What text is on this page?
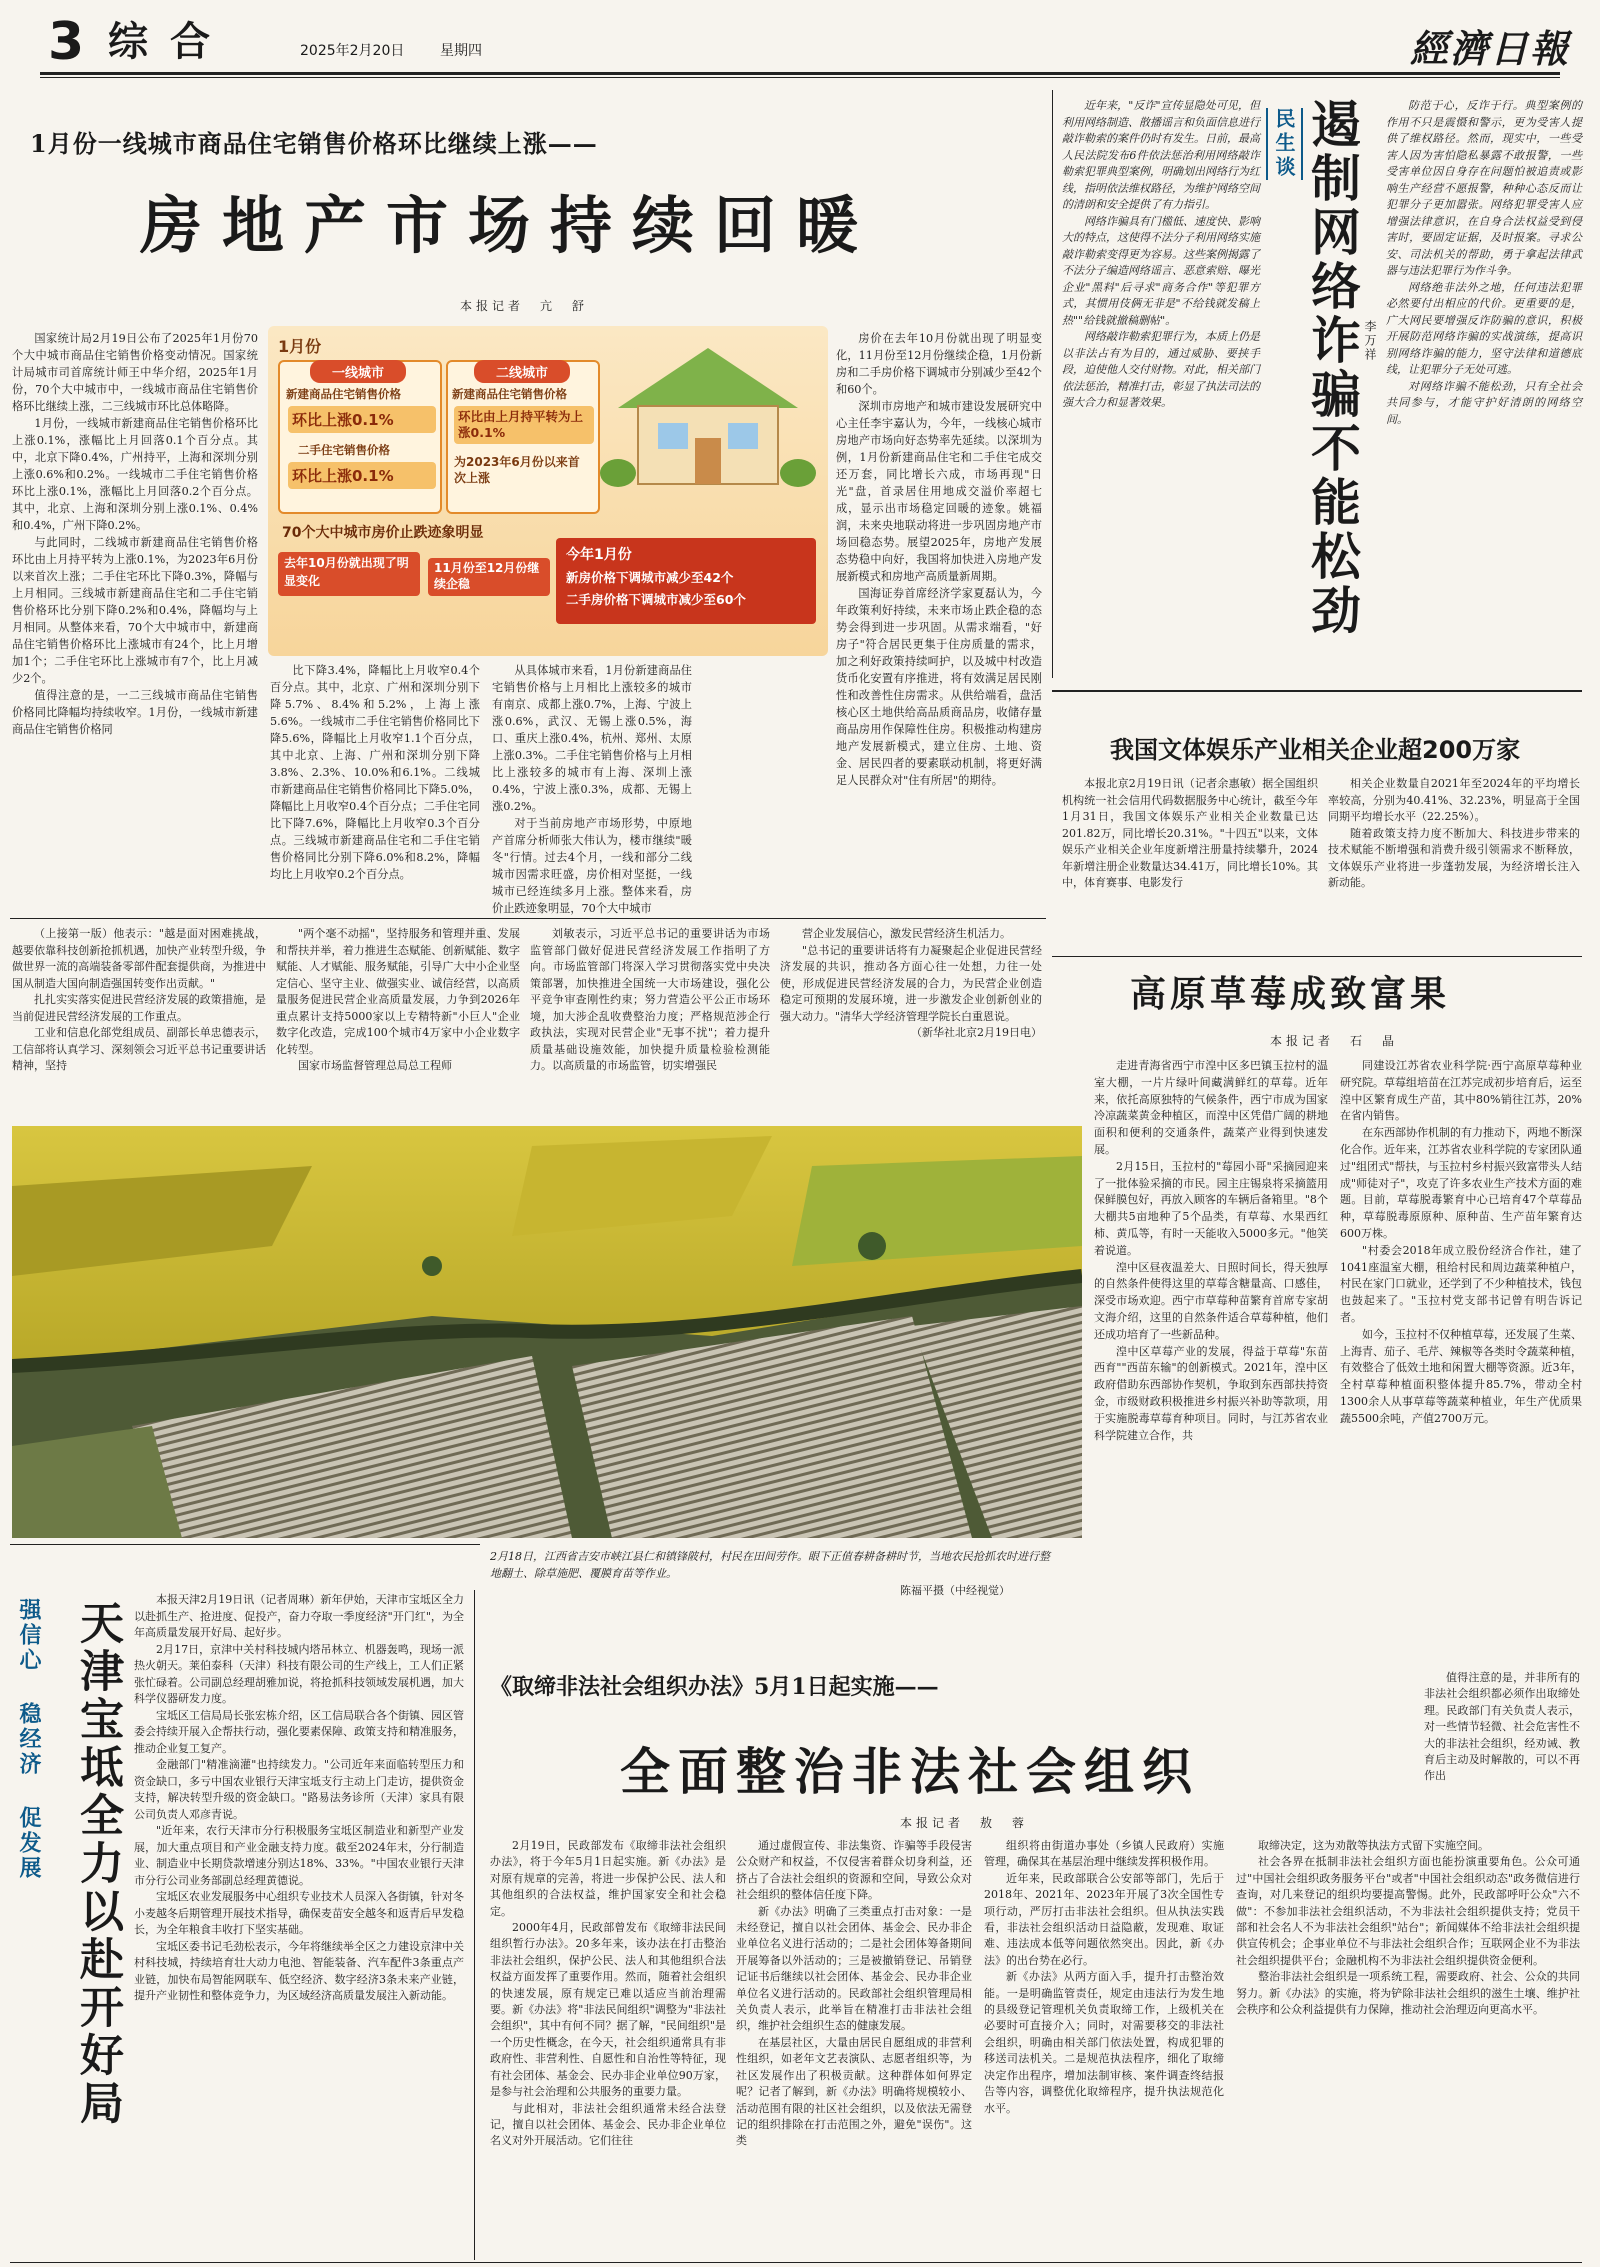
3 综合	2025年2月20日	星期四	經濟日報
1月份一线城市商品住宅销售价格环比继续上涨——
房地产市场持续回暖
本报记者　亢　舒

国家统计局2月19日公布了2025年1月份70个大中城市商品住宅销售价格变动情况。国家统计局城市司首席统计师王中华介绍，2025年1月份，70个大中城市中，一线城市商品住宅销售价格环比继续上涨，二三线城市环比总体略降。

1月份，一线城市新建商品住宅销售价格环比上涨0.1%，涨幅比上月回落0.1个百分点。其中，北京下降0.4%，广州持平，上海和深圳分别上涨0.6%和0.2%。一线城市二手住宅销售价格环比上涨0.1%，涨幅比上月回落0.2个百分点。其中，北京、上海和深圳分别上涨0.1%、0.4%和0.4%，广州下降0.2%。

与此同时，二线城市新建商品住宅销售价格环比由上月持平转为上涨0.1%，为2023年6月份以来首次上涨；二手住宅环比下降0.3%，降幅与上月相同。三线城市新建商品住宅和二手住宅销售价格环比分别下降0.2%和0.4%，降幅均与上月相同。从整体来看，70个大中城市中，新建商品住宅销售价格环比上涨城市有24个，比上月增加1个；二手住宅环比上涨城市有7个，比上月减少2个。

值得注意的是，一二三线城市商品住宅销售价格同比降幅均持续收窄。1月份，一线城市新建商品住宅销售价格同

1月份
一线城市
新建商品住宅销售价格
环比上涨0.1%
二手住宅销售价格
环比上涨0.1%
二线城市
新建商品住宅销售价格
环比由上月持平转为上涨0.1%
为2023年6月份以来首次上涨
70个大中城市房价止跌迹象明显
去年10月份就出现了明显变化
11月份至12月份继续企稳
今年1月份
新房价格下调城市减少至42个
二手房价格下调城市减少至60个

比下降3.4%，降幅比上月收窄0.4个百分点。其中，北京、广州和深圳分别下降5.7%、8.4%和5.2%，上海上涨5.6%。一线城市二手住宅销售价格同比下降5.6%，降幅比上月收窄1.1个百分点，其中北京、上海、广州和深圳分别下降3.8%、2.3%、10.0%和6.1%。二线城市新建商品住宅销售价格同比下降5.0%，降幅比上月收窄0.4个百分点；二手住宅同比下降7.6%，降幅比上月收窄0.3个百分点。三线城市新建商品住宅和二手住宅销售价格同比分别下降6.0%和8.2%，降幅均比上月收窄0.2个百分点。

从具体城市来看，1月份新建商品住宅销售价格与上月相比上涨较多的城市有南京、成都上涨0.7%，上海、宁波上涨0.6%，武汉、无锡上涨0.5%，海口、重庆上涨0.4%，杭州、郑州、太原上涨0.3%。二手住宅销售价格与上月相比上涨较多的城市有上海、深圳上涨0.4%，宁波上涨0.3%，成都、无锡上涨0.2%。

对于当前房地产市场形势，中原地产首席分析师张大伟认为，楼市继续"暖冬"行情。过去4个月，一线和部分二线城市因需求旺盛，房价相对坚挺，一线城市已经连续多月上涨。整体来看，房价止跌迹象明显，70个大中城市

房价在去年10月份就出现了明显变化，11月份至12月份继续企稳，1月份新房和二手房价格下调城市分别减少至42个和60个。

深圳市房地产和城市建设发展研究中心主任李宇嘉认为，今年，一线核心城市房地产市场向好态势率先延续。以深圳为例，1月份新建商品住宅和二手住宅成交还万套，同比增长六成，市场再现"日光"盘，首录居住用地成交溢价率超七成，显示出市场稳定回暖的迹象。姚福润，未来央地联动将进一步巩固房地产市场回稳态势。展望2025年，房地产发展态势稳中向好，我国将加快进入房地产发展新模式和房地产高质量新周期。

国海证券首席经济学家夏磊认为，今年政策利好持续，未来市场止跌企稳的态势会得到进一步巩固。从需求端看，"好房子"符合居民更集于住房质量的需求，加之利好政策持续呵护，以及城中村改造货币化安置有序推进，将有效满足居民刚性和改善性住房需求。从供给端看，盘活核心区土地供给高品质商品房，收储存量商品房用作保障性住房。积极推动构建房地产发展新模式，建立住房、土地、资金、居民四者的要素联动机制，将更好满足人民群众对"住有所居"的期待。

（上接第一版）他表示："越是面对困难挑战，越要依靠科技创新抢抓机遇，加快产业转型升级，争做世界一流的高端装备零部件配套提供商，为推进中国从制造大国向制造强国转变作出贡献。"

扎扎实实落实促进民营经济发展的政策措施，是当前促进民营经济发展的工作重点。

工业和信息化部党组成员、副部长单忠德表示，工信部将认真学习、深刻领会习近平总书记重要讲话精神，坚持

"两个毫不动摇"，坚持服务和管理并重、发展和帮扶并举，着力推进生态赋能、创新赋能、数字赋能、人才赋能、服务赋能，引导广大中小企业坚定信心、坚守主业、做强实业、诚信经营，以高质量服务促进民营企业高质量发展，力争到2026年重点累计支持5000家以上专精特新"小巨人"企业数字化改造，完成100个城市4万家中小企业数字化转型。

国家市场监督管理总局总工程师

刘敏表示，习近平总书记的重要讲话为市场监管部门做好促进民营经济发展工作指明了方向。市场监管部门将深入学习贯彻落实党中央决策部署，加快推进全国统一大市场建设，强化公平竞争审查刚性约束；努力营造公平公正市场环境，加大涉企乱收费整治力度；严格规范涉企行政执法，实现对民营企业"无事不扰"；着力提升质量基础设施效能，加快提升质量检验检测能力。以高质量的市场监管，切实增强民

营企业发展信心，激发民营经济生机活力。

"总书记的重要讲话将有力凝聚起企业促进民营经济发展的共识，推动各方面心往一处想，力往一处使，形成促进民营经济发展的合力，为民营企业创造稳定可预期的发展环境，进一步激发企业创新创业的强大动力。"清华大学经济管理学院长白重恩说。

（新华社北京2月19日电）

近年来，"反诈"宣传显隐处可见，但利用网络制造、散播谣言和负面信息进行敲诈勒索的案件仍时有发生。日前，最高人民法院发布6件依法惩治利用网络敲诈勒索犯罪典型案例，明确划出网络行为红线，指明依法维权路径，为维护网络空间的清朗和安全提供了有力指引。

网络诈骗具有门槛低、速度快、影响大的特点，这使得不法分子利用网络实施敲诈勒索变得更为容易。这些案例揭露了不法分子编造网络谣言、恶意索赔、曝光企业"黑料"后寻求"商务合作"等犯罪方式，其惯用伎俩无非是"不给钱就发稿上热""给钱就撤稿删帖"。

网络敲诈勒索犯罪行为，本质上仍是以非法占有为目的，通过威胁、要挟手段，迫使他人交付财物。对此，相关部门依法惩治，精准打击，彰显了执法司法的强大合力和显著效果。

民生谈 遏制网络诈骗不能松劲 李万祥

防范于心，反诈于行。典型案例的作用不只是震慑和警示，更为受害人提供了维权路径。然而，现实中，一些受害人因为害怕隐私暴露不敢报警，一些受害单位因自身存在问题怕被追责或影响生产经营不愿报警，种种心态反而让犯罪分子更加嚣张。网络犯罪受害人应增强法律意识，在自身合法权益受到侵害时，要固定证据，及时报案。寻求公安、司法机关的帮助，勇于拿起法律武器与违法犯罪行为作斗争。

网络绝非法外之地，任何违法犯罪必然要付出相应的代价。更重要的是，广大网民要增强反诈防骗的意识，积极开展防范网络诈骗的实战演练，提高识别网络诈骗的能力，坚守法律和道德底线，让犯罪分子无处可逃。

对网络诈骗不能松劲，只有全社会共同参与，才能守护好清朗的网络空间。

我国文体娱乐产业相关企业超200万家

本报北京2月19日讯（记者余惠敏）据全国组织机构统一社会信用代码数据服务中心统计，截至今年1月31日，我国文体娱乐产业相关企业数量已达201.82万，同比增长20.31%。"十四五"以来，文体娱乐产业相关企业年度新增注册量持续攀升，2024年新增注册企业数量达34.41万，同比增长10%。其中，体育赛事、电影发行

相关企业数量自2021年至2024年的平均增长率较高，分别为40.41%、32.23%，明显高于全国同期平均增长水平（22.25%）。

随着政策支持力度不断加大、科技进步带来的技术赋能不断增强和消费升级引领需求不断释放，文体娱乐产业将进一步蓬勃发展，为经济增长注入新动能。

高原草莓成致富果
本报记者　石　晶

走进青海省西宁市湟中区多巴镇玉拉村的温室大棚，一片片绿叶间藏满鲜红的草莓。近年来，依托高原独特的气候条件，西宁市成为国家冷凉蔬菜黄金种植区，而湟中区凭借广阔的耕地面积和便利的交通条件，蔬菜产业得到快速发展。

2月15日，玉拉村的"莓园小哥"采摘园迎来了一批体验采摘的市民。园主庄锡泉将采摘篮用保鲜膜包好，再放入顾客的车辆后备箱里。"8个大棚共5亩地种了5个品类，有草莓、水果西红柿、黄瓜等，有时一天能收入5000多元。"他笑着说道。

湟中区昼夜温差大、日照时间长，得天独厚的自然条件使得这里的草莓含糖量高、口感佳，深受市场欢迎。西宁市草莓种苗繁育首席专家胡文海介绍，这里的自然条件适合草莓种植，他们还成功培育了一些新品种。

湟中区草莓产业的发展，得益于草莓"东苗西育""西苗东输"的创新模式。2021年，湟中区政府借助东西部协作契机，争取到东西部扶持资金，市级财政积极推进乡村振兴补助等款项，用于实施脱毒草莓育种项目。同时，与江苏省农业科学院建立合作，共

同建设江苏省农业科学院·西宁高原草莓种业研究院。草莓组培苗在江苏完成初步培育后，运至湟中区繁育成生产苗，其中80%销往江苏，20%在省内销售。

在东西部协作机制的有力推动下，两地不断深化合作。近年来，江苏省农业科学院的专家团队通过"组团式"帮扶，与玉拉村乡村振兴致富带头人结成"师徒对子"，攻克了许多农业生产技术方面的难题。目前，草莓脱毒繁育中心已培育47个草莓品种，草莓脱毒原原种、原种苗、生产苗年繁育达600万株。

"村委会2018年成立股份经济合作社，建了1041座温室大棚，租给村民和周边蔬菜种植户，村民在家门口就业，还学到了不少种植技术，钱包也鼓起来了。"玉拉村党支部书记曾有明告诉记者。

如今，玉拉村不仅种植草莓，还发展了生菜、上海青、茄子、毛芹、辣椒等各类时令蔬菜种植，有效整合了低效土地和闲置大棚等资源。近3年，全村草莓种植面积整体提升85.7%，带动全村1300余人从事草莓等蔬菜种植业，年生产优质果蔬5500余吨，产值2700万元。

2月18日，江西省吉安市峡江县仁和镇锋陂村，村民在田间劳作。眼下正值春耕备耕时节，当地农民抢抓农时进行整地翻土、除草施肥、覆膜育苗等作业。
陈福平摄（中经视觉）
强信心 稳经济 促发展 天津宝坻全力以赴开好局

本报天津2月19日讯（记者周琳）新年伊始，天津市宝坻区全力以赴抓生产、抢进度、促投产，奋力夺取一季度经济"开门红"，为全年高质量发展开好局、起好步。

2月17日，京津中关村科技城内塔吊林立、机器轰鸣，现场一派热火朝天。莱伯泰科（天津）科技有限公司的生产线上，工人们正紧张忙碌着。公司副总经理胡雅加说，将抢抓科技领域发展机遇，加大科学仪器研发力度。

宝坻区工信局局长张宏栋介绍，区工信局联合各个街镇、园区管委会持续开展入企帮扶行动，强化要素保障、政策支持和精准服务，推动企业复工复产。

金融部门"精准滴灌"也持续发力。"公司近年来面临转型压力和资金缺口，多亏中国农业银行天津宝坻支行主动上门走访，提供资金支持，解决转型升级的资金缺口。"路易法务诊所（天津）家具有限公司负责人邓彦青说。

"近年来，农行天津市分行积极服务宝坻区制造业和新型产业发展，加大重点项目和产业金融支持力度。截至2024年末，分行制造业、制造业中长期贷款增速分别达18%、33%。"中国农业银行天津市分行公司业务部副总经理黄德说。

宝坻区农业发展服务中心组织专业技术人员深入各街镇，针对冬小麦越冬后期管理开展技术指导，确保麦苗安全越冬和返青后早发稳长，为全年粮食丰收打下坚实基础。

宝坻区委书记毛劲松表示，今年将继续举全区之力建设京津中关村科技城，持续培育壮大动力电池、智能装备、汽车配件3条重点产业链，加快布局智能网联车、低空经济、数字经济3条未来产业链，提升产业韧性和整体竞争力，为区域经济高质量发展注入新动能。

《取缔非法社会组织办法》5月1日起实施——
全面整治非法社会组织
本报记者　敖　蓉

2月19日，民政部发布《取缔非法社会组织办法》，将于今年5月1日起实施。新《办法》是对原有规章的完善，将进一步保护公民、法人和其他组织的合法权益，维护国家安全和社会稳定。

2000年4月，民政部曾发布《取缔非法民间组织暂行办法》。20多年来，该办法在打击整治非法社会组织，保护公民、法人和其他组织合法权益方面发挥了重要作用。然而，随着社会组织的快速发展，原有规定已难以适应当前治理需要。新《办法》将"非法民间组织"调整为"非法社会组织"，其中有何不同？据了解，"民间组织"是一个历史性概念，在今天，社会组织通常具有非政府性、非营利性、自愿性和自治性等特征，现有社会团体、基金会、民办非企业单位90万家，是参与社会治理和公共服务的重要力量。

与此相对，非法社会组织通常未经合法登记，擅自以社会团体、基金会、民办非企业单位名义对外开展活动。它们往往

通过虚假宣传、非法集资、诈骗等手段侵害公众财产和权益，不仅侵害着群众切身利益，还挤占了合法社会组织的资源和空间，导致公众对社会组织的整体信任度下降。

新《办法》明确了三类重点打击对象：一是未经登记，擅自以社会团体、基金会、民办非企业单位名义进行活动的；二是社会团体筹备期间开展筹备以外活动的；三是被撤销登记、吊销登记证书后继续以社会团体、基金会、民办非企业单位名义进行活动的。民政部社会组织管理局相关负责人表示，此举旨在精准打击非法社会组织，维护社会组织生态的健康发展。

在基层社区，大量由居民自愿组成的非营利性组织，如老年文艺表演队、志愿者组织等，为社区发展作出了积极贡献。这种群体如何界定呢？记者了解到，新《办法》明确将规模较小、活动范围有限的社区社会组织，以及依法无需登记的组织排除在打击范围之外，避免"误伤"。这类

组织将由街道办事处（乡镇人民政府）实施管理，确保其在基层治理中继续发挥积极作用。

近年来，民政部联合公安部等部门，先后于2018年、2021年、2023年开展了3次全国性专项行动，严厉打击非法社会组织。但从执法实践看，非法社会组织活动日益隐蔽，发现难、取证难、违法成本低等问题依然突出。因此，新《办法》的出台势在必行。

新《办法》从两方面入手，提升打击整治效能。一是明确监管责任，规定由违法行为发生地的县级登记管理机关负责取缔工作，上级机关在必要时可直接介入；同时，对需要移交的非法社会组织，明确由相关部门依法处置，构成犯罪的移送司法机关。二是规范执法程序，细化了取缔决定作出程序，增加法制审核、案件调查终结报告等内容，调整优化取缔程序，提升执法规范化水平。

值得注意的是，并非所有的非法社会组织都必须作出取缔处理。民政部门有关负责人表示，对一些情节轻微、社会危害性不大的非法社会组织，经劝诫、教育后主动及时解散的，可以不再作出

取缔决定，这为劝散等执法方式留下实施空间。

社会各界在抵制非法社会组织方面也能扮演重要角色。公众可通过"中国社会组织政务服务平台"或者"中国社会组织动态"政务微信进行查询，对几来登记的组织均要提高警惕。此外，民政部呼吁公众"六不做"：不参加非法社会组织活动，不为非法社会组织提供支持；党员干部和社会名人不为非法社会组织"站台"；新闻媒体不给非法社会组织提供宣传机会；企事业单位不与非法社会组织合作；互联网企业不为非法社会组织提供平台；金融机构不为非法社会组织提供资金便利。

整治非法社会组织是一项系统工程，需要政府、社会、公众的共同努力。新《办法》的实施，将为铲除非法社会组织的滋生土壤、维护社会秩序和公众利益提供有力保障，推动社会治理迈向更高水平。
